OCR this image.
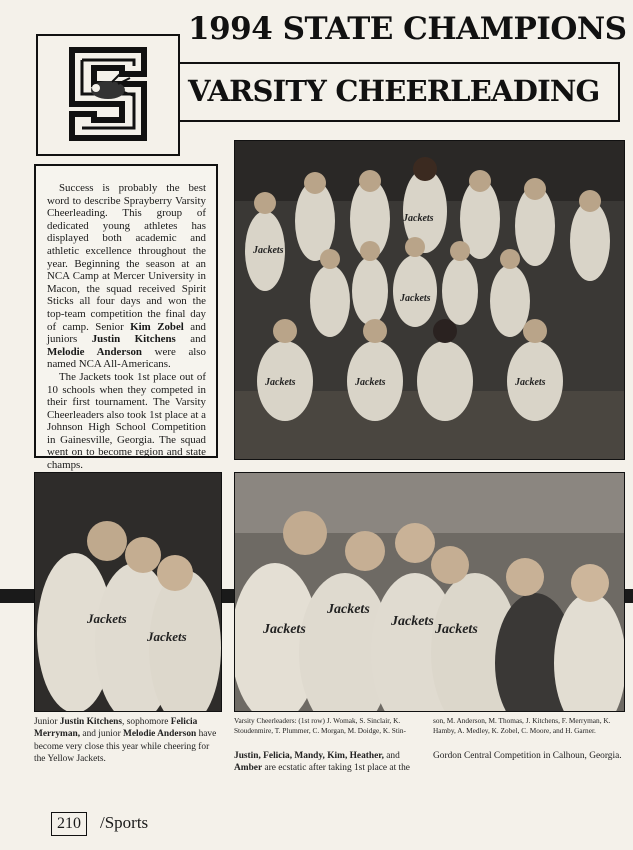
1994 STATE CHAMPIONS
VARSITY CHEERLEADING

Success is probably the best word to describe Sprayberry Varsity Cheerleading. This group of dedicated young athletes has displayed both academic and athletic excellence throughout the year. Beginning the season at an NCA Camp at Mercer University in Macon, the squad received Spirit Sticks all four days and won the top-team competition the final day of camp. Senior Kim Zobel and juniors Justin Kitchens and Melodie Anderson were also named NCA All-Americans.

The Jackets took 1st place out of 10 schools when they competed in their first tournament. The Varsity Cheerleaders also took 1st place at a Johnson High School Competition in Gainesville, Georgia. The squad went on to become region and state champs.

Jackets
Jackets
Jackets
Jackets	Jackets	Jackets
Jackets
Jackets	Jackets
Jackets
Jackets
Jackets
Junior Justin Kitchens, sophomore Felicia Merryman, and junior Melodie Anderson have become very close this year while cheering for the Yellow Jackets.
Varsity Cheerleaders: (1st row) J. Womak, S. Sinclair, K. Stoudenmire, T. Plummer, C. Morgan, M. Doidge, K. Stin-
son, M. Anderson, M. Thomas, J. Kitchens, F. Merryman, K. Hamby, A. Medley, K. Zobel, C. Moore, and H. Garner.
Justin, Felicia, Mandy, Kim, Heather, and Amber are ecstatic after taking 1st place at the
Gordon Central Competition in Calhoun, Georgia.
210	/Sports
